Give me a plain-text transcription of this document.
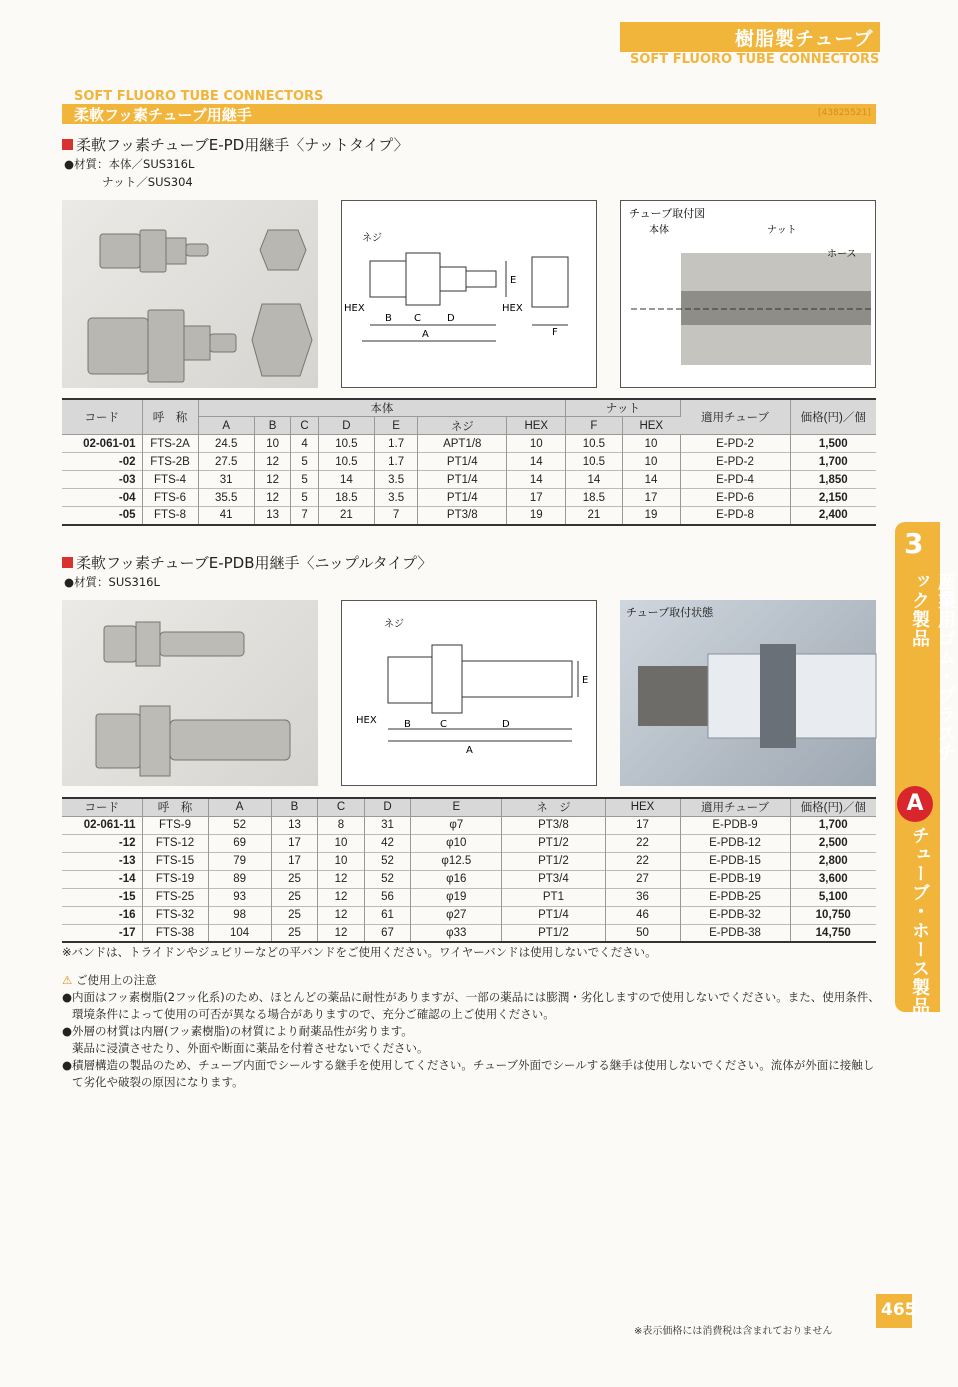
樹脂製チューブ
SOFT FLUORO TUBE CONNECTORS
SOFT FLUORO TUBE CONNECTORS
柔軟フッ素チューブ用継手	[43825521]
柔軟フッ素チューブE-PD用継手〈ナットタイプ〉
●材質：本体／SUS316L
ナット／SUS304
ネジ
HEX
B C	D
A
E
HEX
F
チューブ取付図
本体	ナット
ホース
コード	呼　称	本体							ナット		適用チューブ	価格(円)／個
		A	B	C	D	E	ネジ	HEX	F	HEX		
02-061-01	FTS-2A	24.5	10	4	10.5	1.7	APT1/8	10	10.5	10	E-PD-2	1,500
-02	FTS-2B	27.5	12	5	10.5	1.7	PT1/4	14	10.5	10	E-PD-2	1,700
-03	FTS-4	31	12	5	14	3.5	PT1/4	14	14	14	E-PD-4	1,850
-04	FTS-6	35.5	12	5	18.5	3.5	PT1/4	17	18.5	17	E-PD-6	2,150
-05	FTS-8	41	13	7	21	7	PT3/8	19	21	19	E-PD-8	2,400
柔軟フッ素チューブE-PDB用継手〈ニップルタイプ〉
●材質：SUS316L
ネジ
HEX	B	C	D
A
E
チューブ取付状態
コード	呼　称	A	B	C	D	E	ネ　ジ	HEX	適用チューブ	価格(円)／個
02-061-11	FTS-9	52	13	8	31	φ7	PT3/8	17	E-PDB-9	1,700
-12	FTS-12	69	17	10	42	φ10	PT1/2	22	E-PDB-12	2,500
-13	FTS-15	79	17	10	52	φ12.5	PT1/2	22	E-PDB-15	2,800
-14	FTS-19	89	25	12	52	φ16	PT3/4	27	E-PDB-19	3,600
-15	FTS-25	93	25	12	56	φ19	PT1	36	E-PDB-25	5,100
-16	FTS-32	98	25	12	61	φ27	PT1/4	46	E-PDB-32	10,750
-17	FTS-38	104	25	12	67	φ33	PT1/2	50	E-PDB-38	14,750
※バンドは、トライドンやジュビリーなどの平バンドをご使用ください。ワイヤーバンドは使用しないでください。
⚠ ご使用上の注意
●内面はフッ素樹脂(2フッ化系)のため、ほとんどの薬品に耐性がありますが、一部の薬品には膨潤・劣化しますので使用しないでください。また、使用条件、
環境条件によって使用の可否が異なる場合がありますので、充分ご確認の上ご使用ください。
●外層の材質は内層(フッ素樹脂)の材質により耐薬品性が劣ります。
薬品に浸漬させたり、外面や断面に薬品を付着させないでください。
●積層構造の製品のため、チューブ内面でシールする継手を使用してください。チューブ外面でシールする継手は使用しないでください。流体が外面に接触し
て劣化や破裂の原因になります。
3
産業用ゴム・プラスチック製品
A
チューブ・ホース製品
465
※表示価格には消費税は含まれておりません
